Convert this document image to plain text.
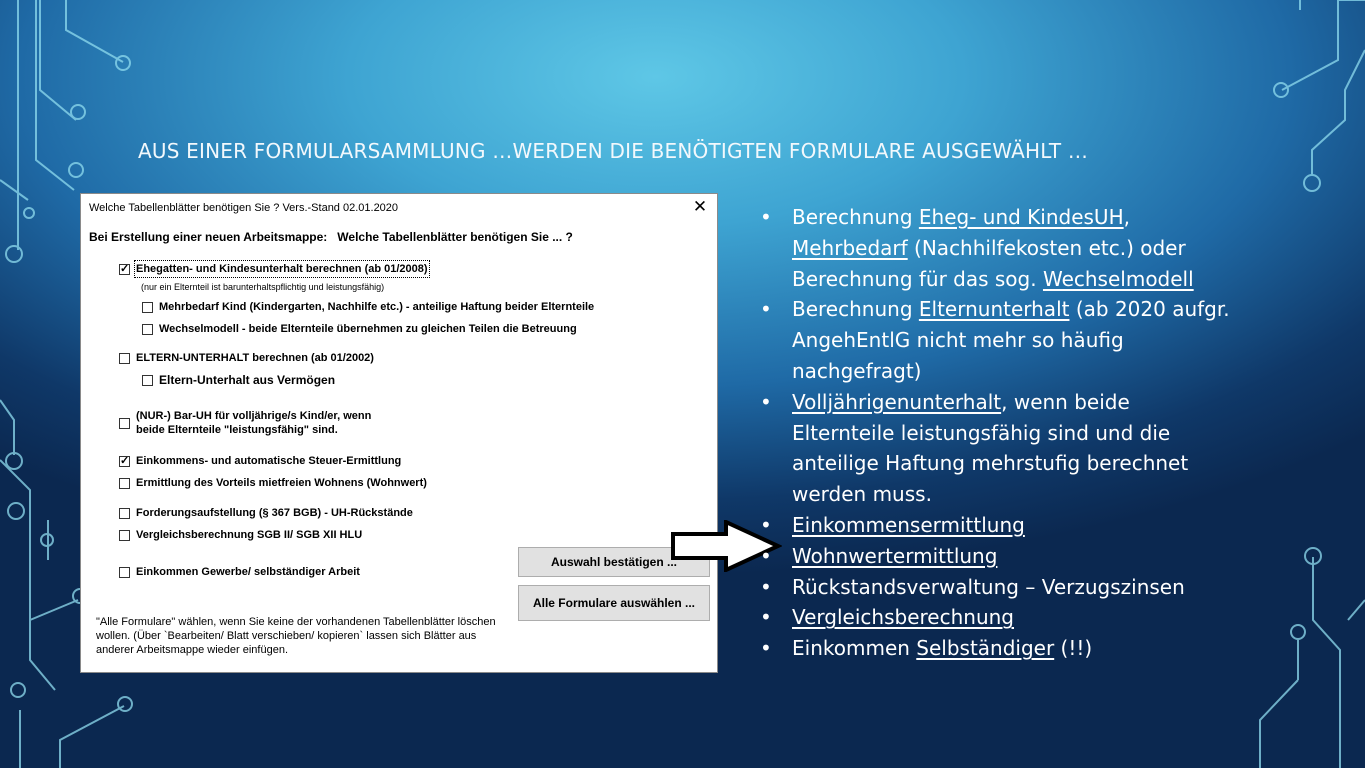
AUS EINER FORMULARSAMMLUNG …WERDEN DIE BENÖTIGTEN FORMULARE AUSGEWÄHLT …
Welche Tabellenblätter benötigen Sie ? Vers.-Stand 02.01.2020	✕
Bei Erstellung einer neuen Arbeitsmappe:   Welche Tabellenblätter benötigen Sie ... ?
✓
Ehegatten- und Kindesunterhalt berechnen (ab 01/2008)
(nur ein Elternteil ist barunterhaltspflichtig und leistungsfähig)
Mehrbedarf Kind (Kindergarten, Nachhilfe etc.) - anteilige Haftung beider Elternteile
Wechselmodell - beide Elternteile übernehmen zu gleichen Teilen die Betreuung
ELTERN-UNTERHALT berechnen (ab 01/2002)
Eltern-Unterhalt aus Vermögen
(NUR-) Bar-UH für volljährige/s Kind/er, wenn
beide Elternteile "leistungsfähig" sind.
✓
Einkommens- und automatische Steuer-Ermittlung
Ermittlung des Vorteils mietfreien Wohnens (Wohnwert)
Forderungsaufstellung (§ 367 BGB) - UH-Rückstände
Vergleichsberechnung SGB II/ SGB XII HLU
Einkommen Gewerbe/ selbständiger Arbeit
Auswahl bestätigen ...
Alle Formulare auswählen ...
"Alle Formulare" wählen, wenn Sie keine der vorhandenen Tabellenblätter löschen wollen. (Über `Bearbeiten/ Blatt verschieben/ kopieren` lassen sich Blätter aus anderer Arbeitsmappe wieder einfügen.
• Berechnung Eheg- und KindesUH, Mehrbedarf (Nachhilfekosten etc.) oder Berechnung für das sog. Wechselmodell
• Berechnung Elternunterhalt (ab 2020 aufgr. AngehEntlG nicht mehr so häufig nachgefragt)
• Volljährigenunterhalt, wenn beide Elternteile leistungsfähig sind und die anteilige Haftung mehrstufig berechnet werden muss.
• Einkommensermittlung
• Wohnwertermittlung
• Rückstandsverwaltung – Verzugszinsen
• Vergleichsberechnung
• Einkommen Selbständiger (!!)
